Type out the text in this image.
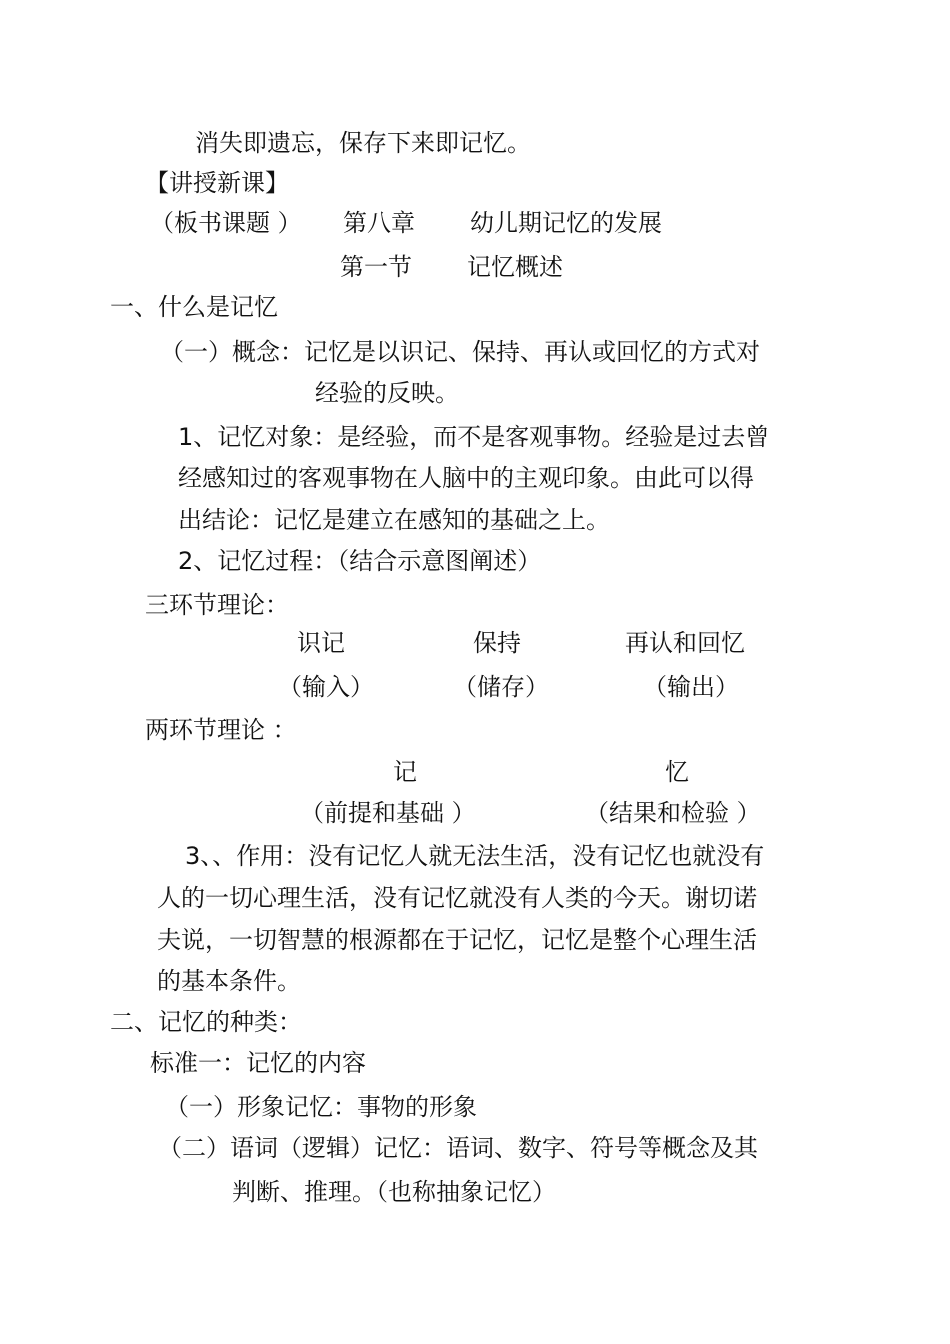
消失即遗忘，保存下来即记忆。
【讲授新课】
（板书课题 ） 第八章 幼儿期记忆的发展
第一节 记忆概述
一、什么是记忆
（一）概念：记忆是以识记、保持、再认或回忆的方式对
经验的反映。
1、记忆对象：是经验，而不是客观事物。经验是过去曾
经感知过的客观事物在人脑中的主观印象。由此可以得
出结论：记忆是建立在感知的基础之上。
2、记忆过程：（结合示意图阐述）
三环节理论：
识记	保持	再认和回忆
（输入）	（储存）	（输出）
两环节理论 ：
记	忆
（前提和基础 ）	（结果和检验 ）
3、、作用：没有记忆人就无法生活，没有记忆也就没有
人的一切心理生活，没有记忆就没有人类的今天。谢切诺
夫说，一切智慧的根源都在于记忆，记忆是整个心理生活
的基本条件。
二、记忆的种类：
标准一：记忆的内容
（一）形象记忆：事物的形象
（二）语词（逻辑）记忆：语词、数字、符号等概念及其
判断、推理。（也称抽象记忆）
